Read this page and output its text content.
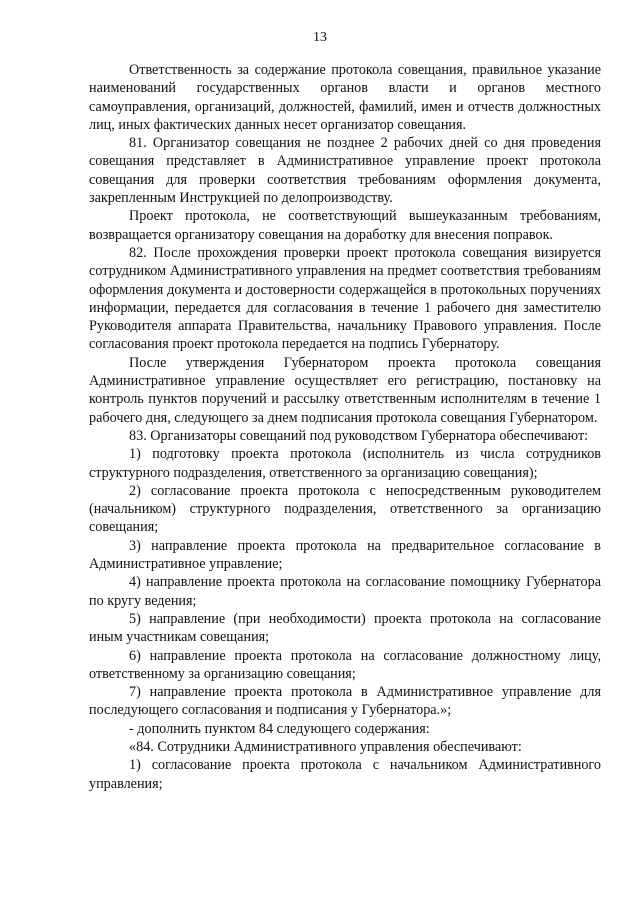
13

Ответственность за содержание протокола совещания, правильное указание наименований государственных органов власти и органов местного самоуправления, организаций, должностей, фамилий, имен и отчеств должностных лиц, иных фактических данных несет организатор совещания.

81. Организатор совещания не позднее 2 рабочих дней со дня проведения совещания представляет в Административное управление проект протокола совещания для проверки соответствия требованиям оформления документа, закрепленным Инструкцией по делопроизводству.

Проект протокола, не соответствующий вышеуказанным требованиям, возвращается организатору совещания на доработку для внесения поправок.

82. После прохождения проверки проект протокола совещания визируется сотрудником Административного управления на предмет соответствия требованиям оформления документа и достоверности содержащейся в протокольных поручениях информации, передается для согласования в течение 1 рабочего дня заместителю Руководителя аппарата Правительства, начальнику Правового управления. После согласования проект протокола передается на подпись Губернатору.

После утверждения Губернатором проекта протокола совещания Административное управление осуществляет его регистрацию, постановку на контроль пунктов поручений и рассылку ответственным исполнителям в течение 1 рабочего дня, следующего за днем подписания протокола совещания Губернатором.

83. Организаторы совещаний под руководством Губернатора обеспечивают:

1) подготовку проекта протокола (исполнитель из числа сотрудников структурного подразделения, ответственного за организацию совещания);

2) согласование проекта протокола с непосредственным руководителем (начальником) структурного подразделения, ответственного за организацию совещания;

3) направление проекта протокола на предварительное согласование в Административное управление;

4) направление проекта протокола на согласование помощнику Губернатора по кругу ведения;

5) направление (при необходимости) проекта протокола на согласование иным участникам совещания;

6) направление проекта протокола на согласование должностному лицу, ответственному за организацию совещания;

7) направление проекта протокола в Административное управление для последующего согласования и подписания у Губернатора.»;

- дополнить пунктом 84 следующего содержания:

«84. Сотрудники Административного управления обеспечивают:

1) согласование проекта протокола с начальником Административного управления;
